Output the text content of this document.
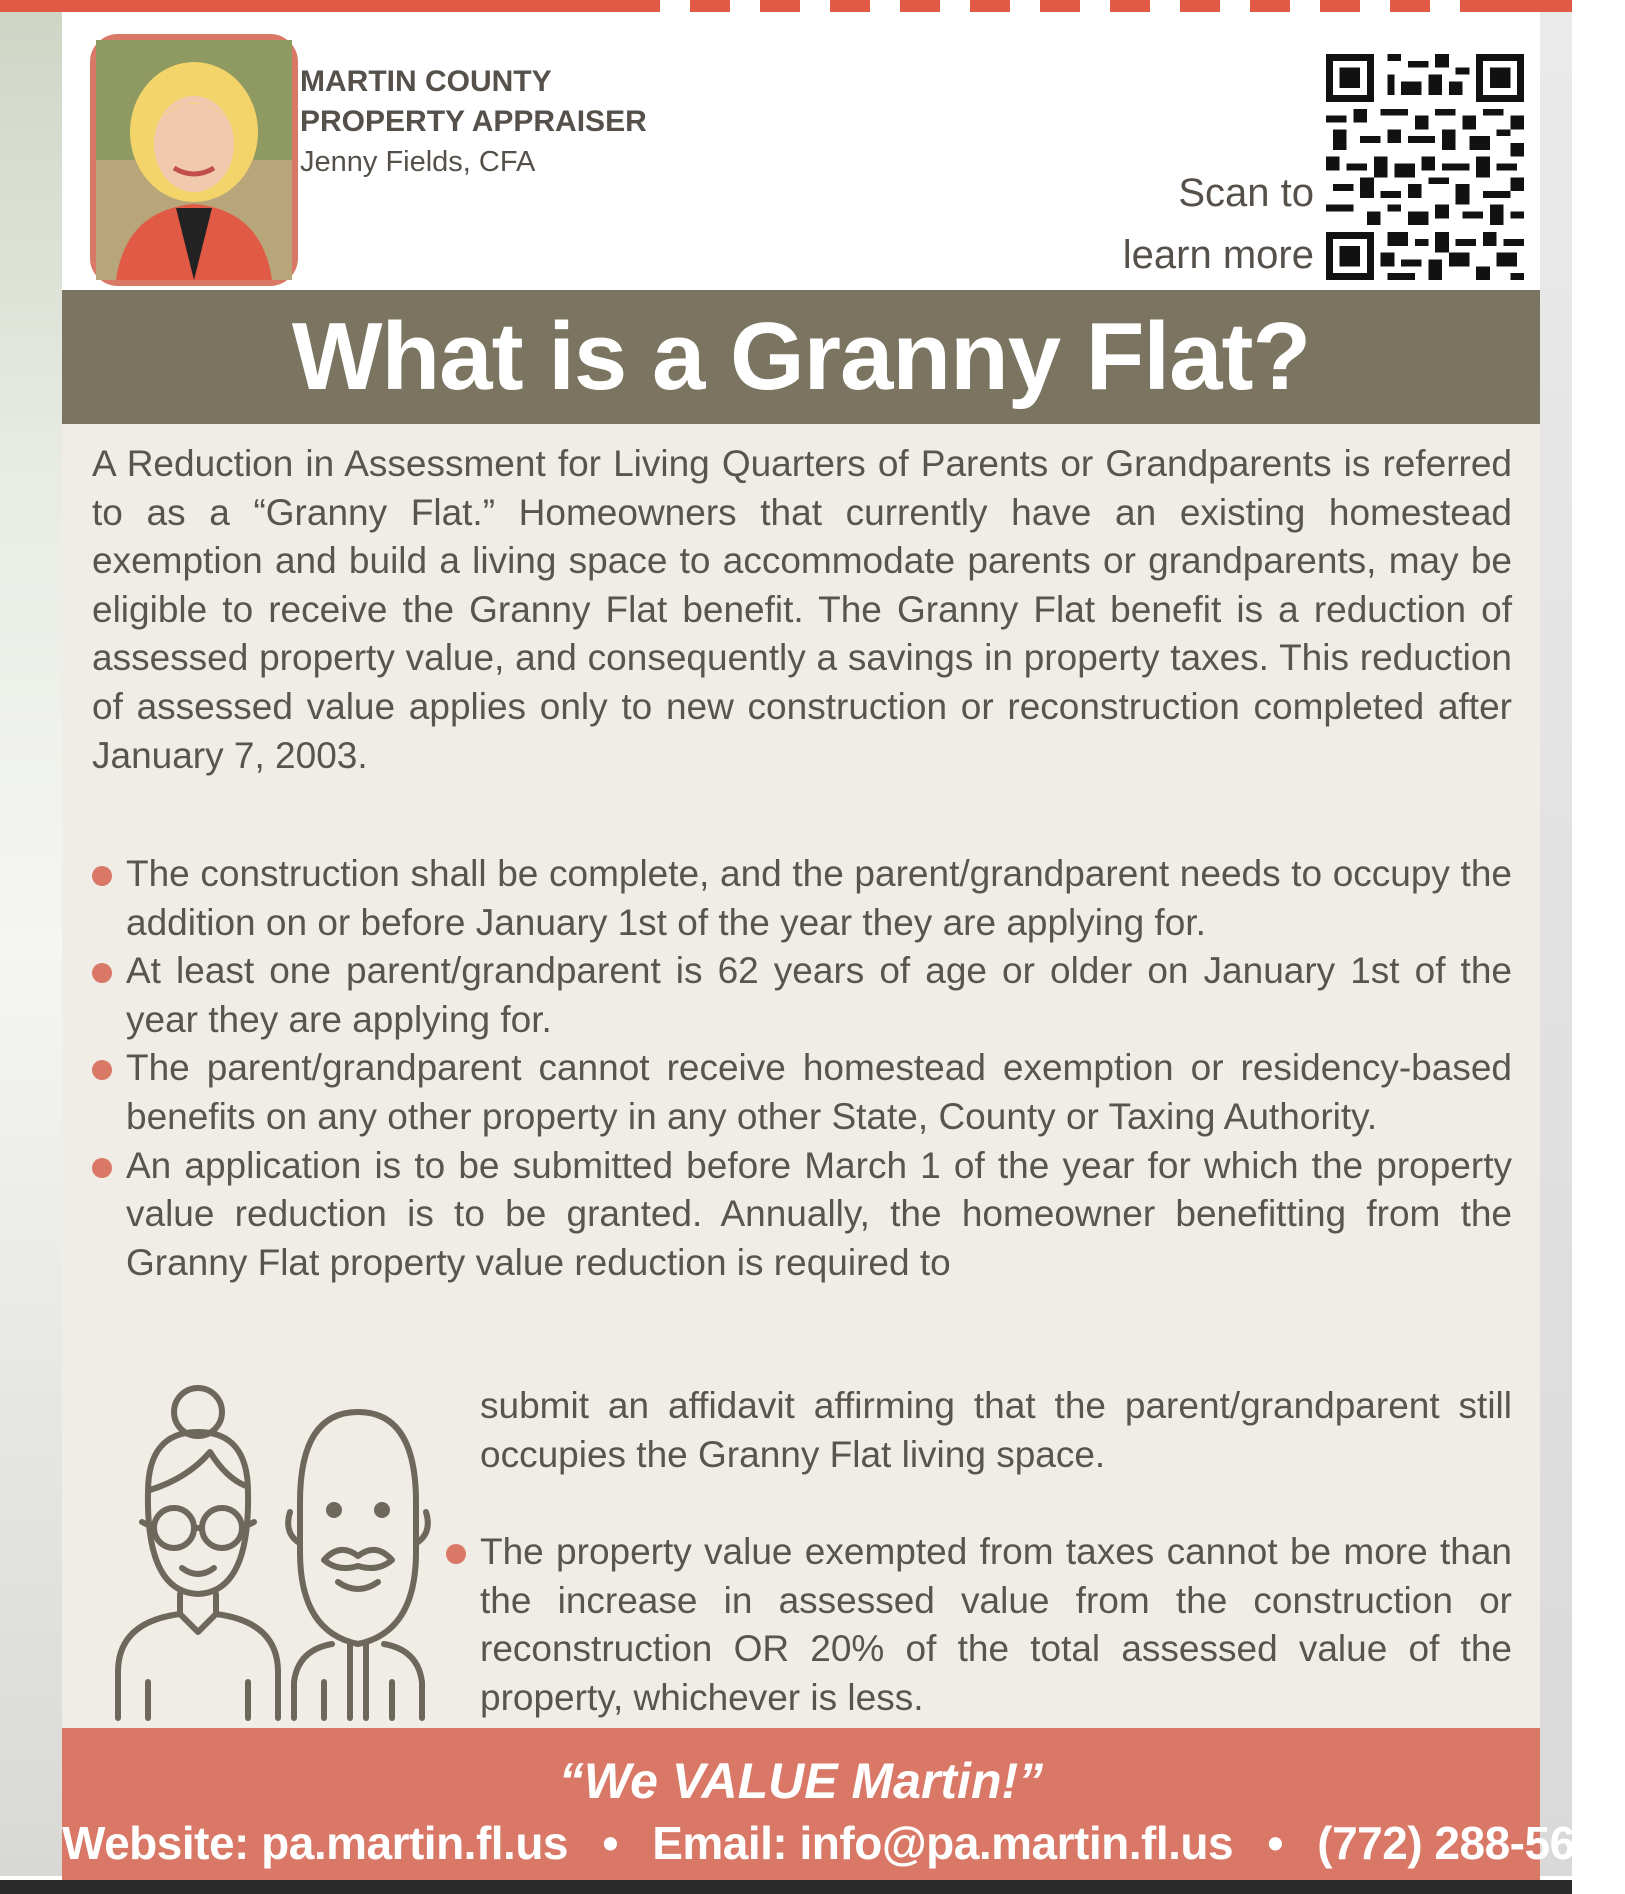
MARTIN COUNTY
PROPERTY APPRAISER
Jenny Fields, CFA
Scan to
learn more
What is a Granny Flat?
A Reduction in Assessment for Living Quarters of Parents or Grandparents is referred to as a “Granny Flat.” Homeowners that currently have an existing homestead exemption and build a living space to accommodate parents or grandparents, may be eligible to receive the Granny Flat benefit. The Granny Flat benefit is a reduction of assessed property value, and consequently a savings in property taxes. This reduction of assessed value applies only to new construction or reconstruction completed after January 7, 2003.
The construction shall be complete, and the parent/grandparent needs to occupy the addition on or before January 1st of the year they are applying for.
At least one parent/grandparent is 62 years of age or older on January 1st of the year they are applying for.
The parent/grandparent cannot receive homestead exemption or residency-based benefits on any other property in any other State, County or Taxing Authority.
An application is to be submitted before March 1 of the year for which the property value reduction is to be granted. Annually, the homeowner benefitting from the Granny Flat property value reduction is required to
submit an affidavit affirming that the parent/grandparent still occupies the Granny Flat living space.
The property value exempted from taxes cannot be more than the increase in assessed value from the construction or reconstruction OR 20% of the total assessed value of the property, whichever is less.
“We VALUE Martin!”
Website: pa.martin.fl.us • Email: info@pa.martin.fl.us • (772) 288-5608
